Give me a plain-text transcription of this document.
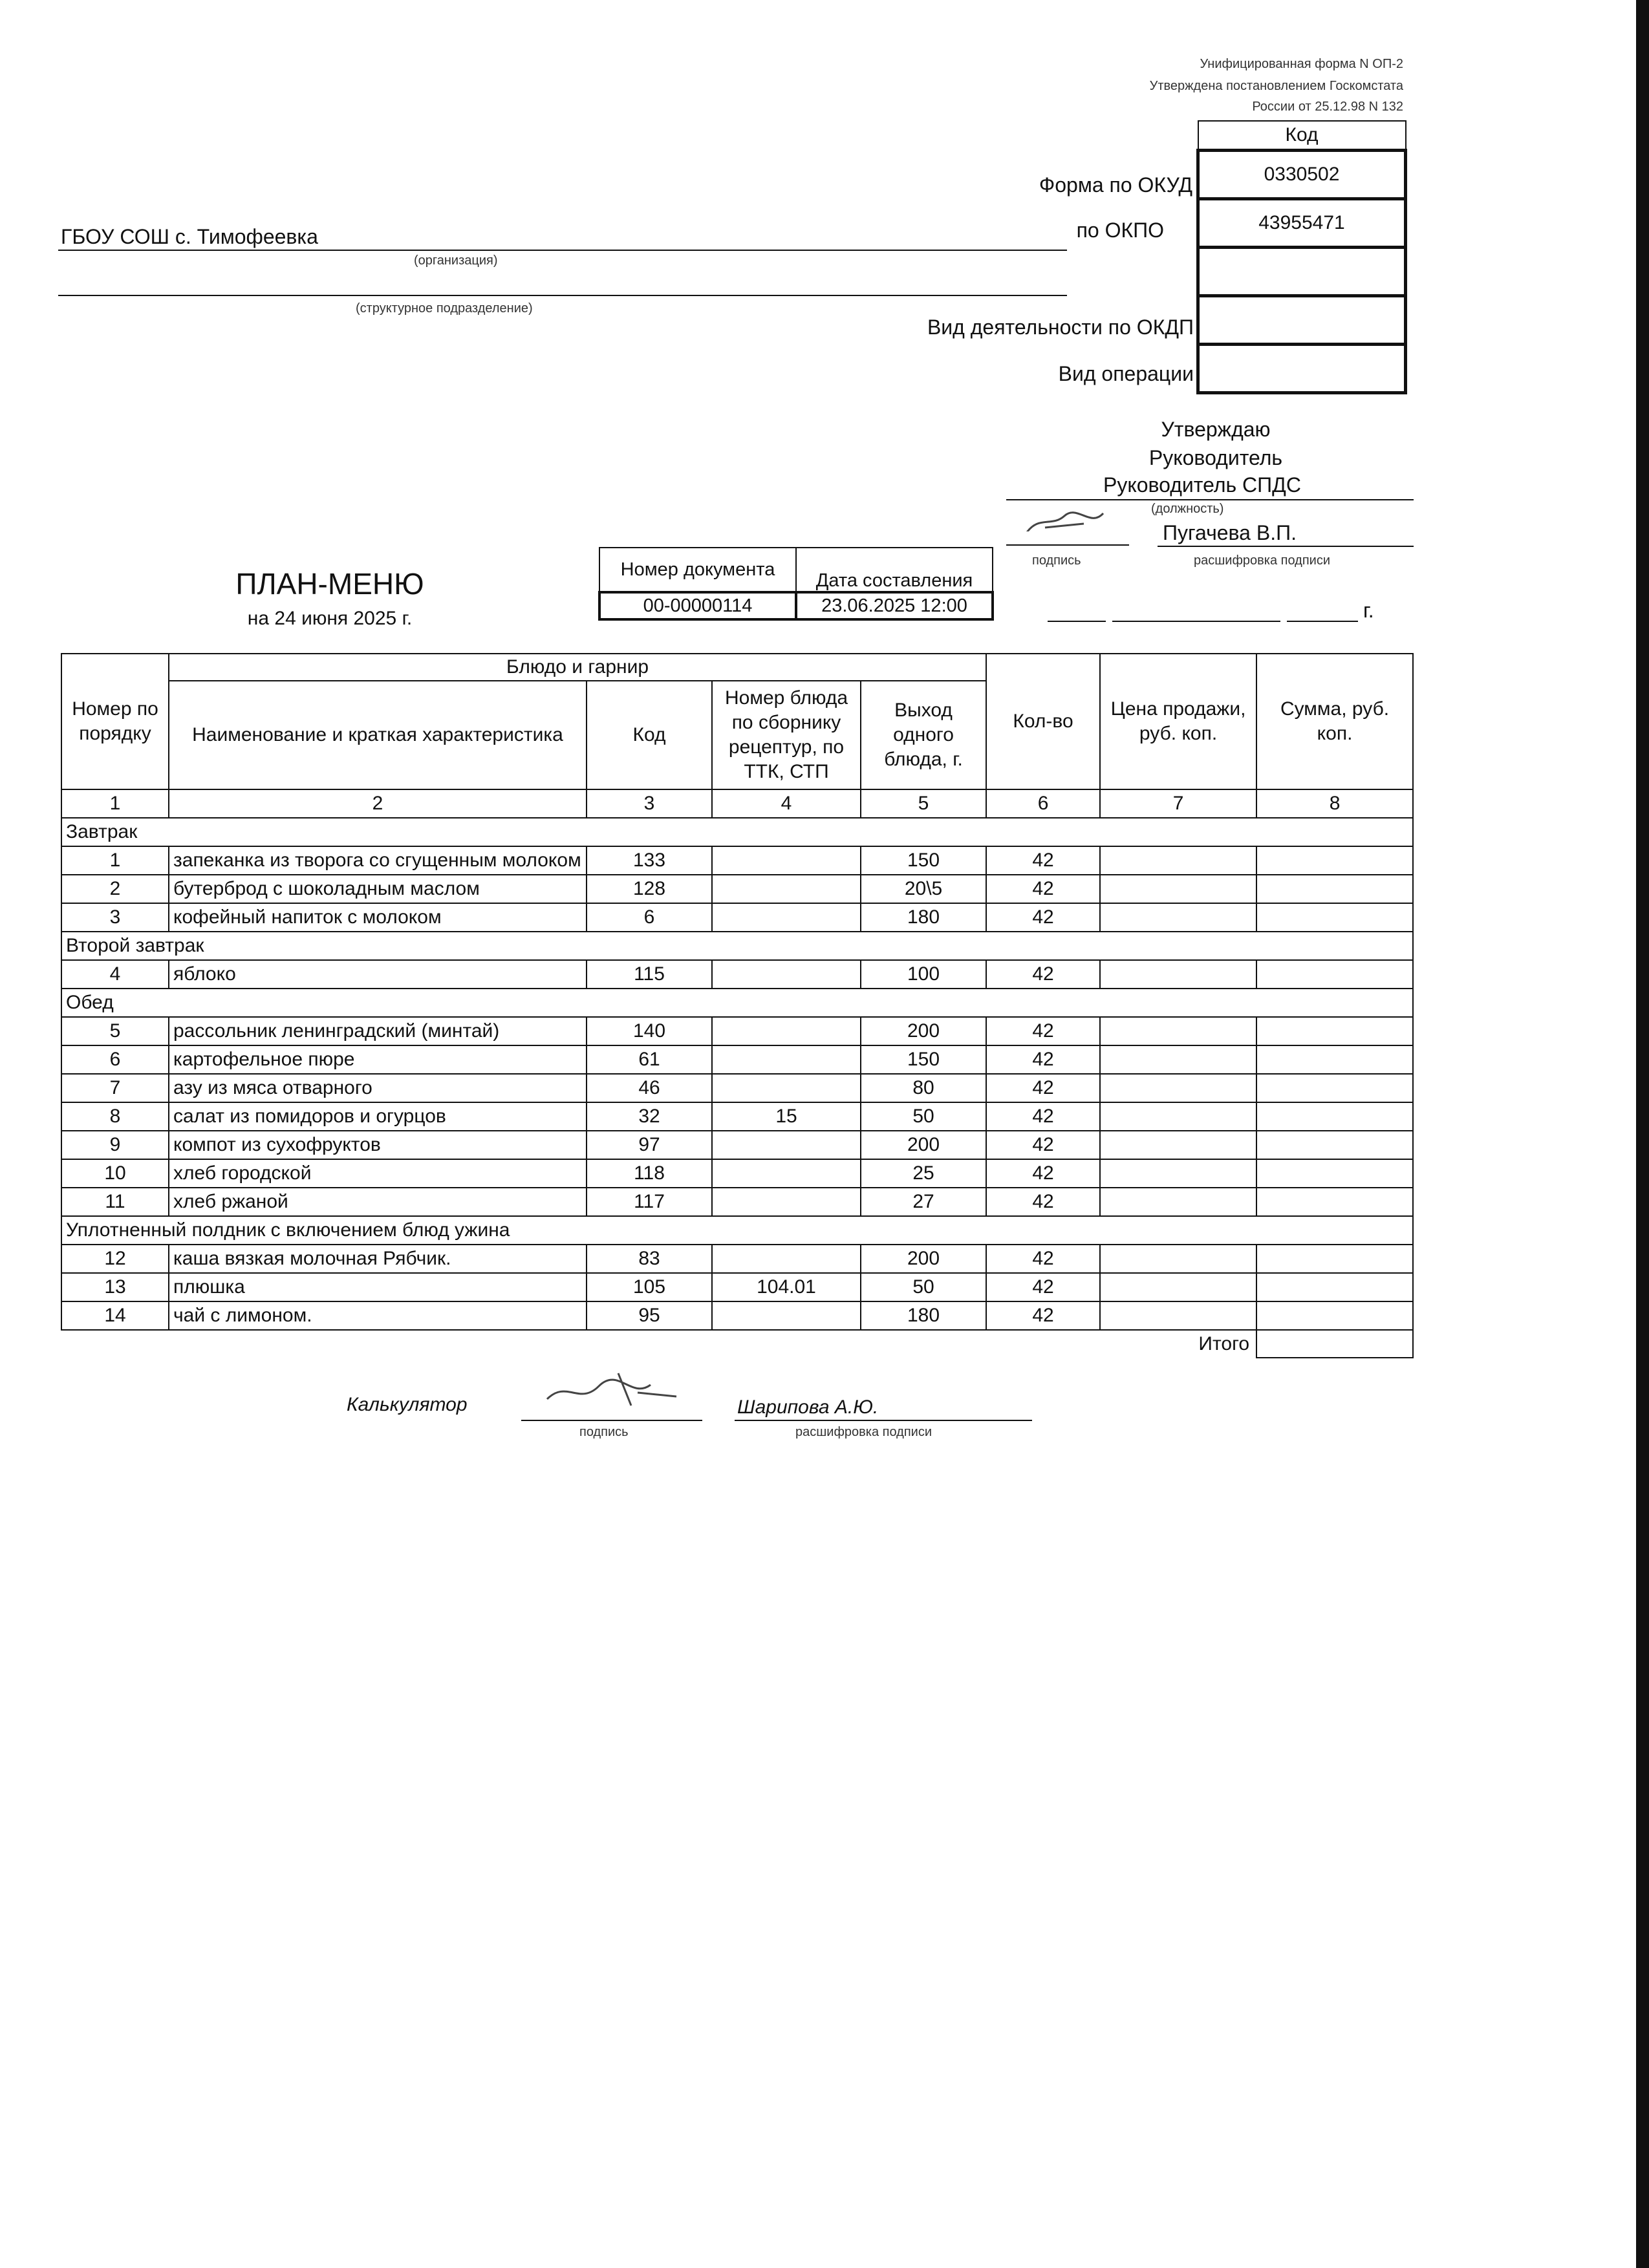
Унифицированная форма N ОП-2
Утверждена постановлением Госкомстата
России от 25.12.98 N 132
Код
0330502
43955471

Форма по ОКУД
по ОКПО
Вид деятельности по ОКДП
Вид операции
ГБОУ СОШ с. Тимофеевка
(организация)
(структурное подразделение)
Утверждаю
Руководитель
Руководитель СПДС
(должность)
Пугачева В.П.
подпись	расшифровка подписи
г.
ПЛАН-МЕНЮ
на 24 июня 2025 г.
Номер документа	Дата составления
00-00000114	23.06.2025 12:00
Номер по порядку	Блюдо и гарнир				Кол-во	Цена продажи, руб. коп.	Сумма, руб. коп.
	Наименование и краткая характеристика	Код	Номер блюда по сборнику рецептур, по ТТК, СТП	Выход одного блюда, г.			
1	2	3	4	5	6	7	8
Завтрак							
1	запеканка из творога со сгущенным молоком	133		150	42		
2	бутерброд с шоколадным маслом	128		20\5	42		
3	кофейный напиток с молоком	6		180	42		
Второй завтрак							
4	яблоко	115		100	42		
Обед							
5	рассольник ленинградский (минтай)	140		200	42		
6	картофельное пюре	61		150	42		
7	азу из мяса отварного	46		80	42		
8	салат из помидоров и огурцов	32	15	50	42		
9	компот из сухофруктов	97		200	42		
10	хлеб городской	118		25	42		
11	хлеб ржаной	117		27	42		
Уплотненный полдник с включением блюд ужина							
12	каша вязкая молочная Рябчик.	83		200	42		
13	плюшка	105	104.01	50	42		
14	чай с лимоном.	95		180	42		
Итого							
Калькулятор	Шарипова А.Ю.
подпись	расшифровка подписи
